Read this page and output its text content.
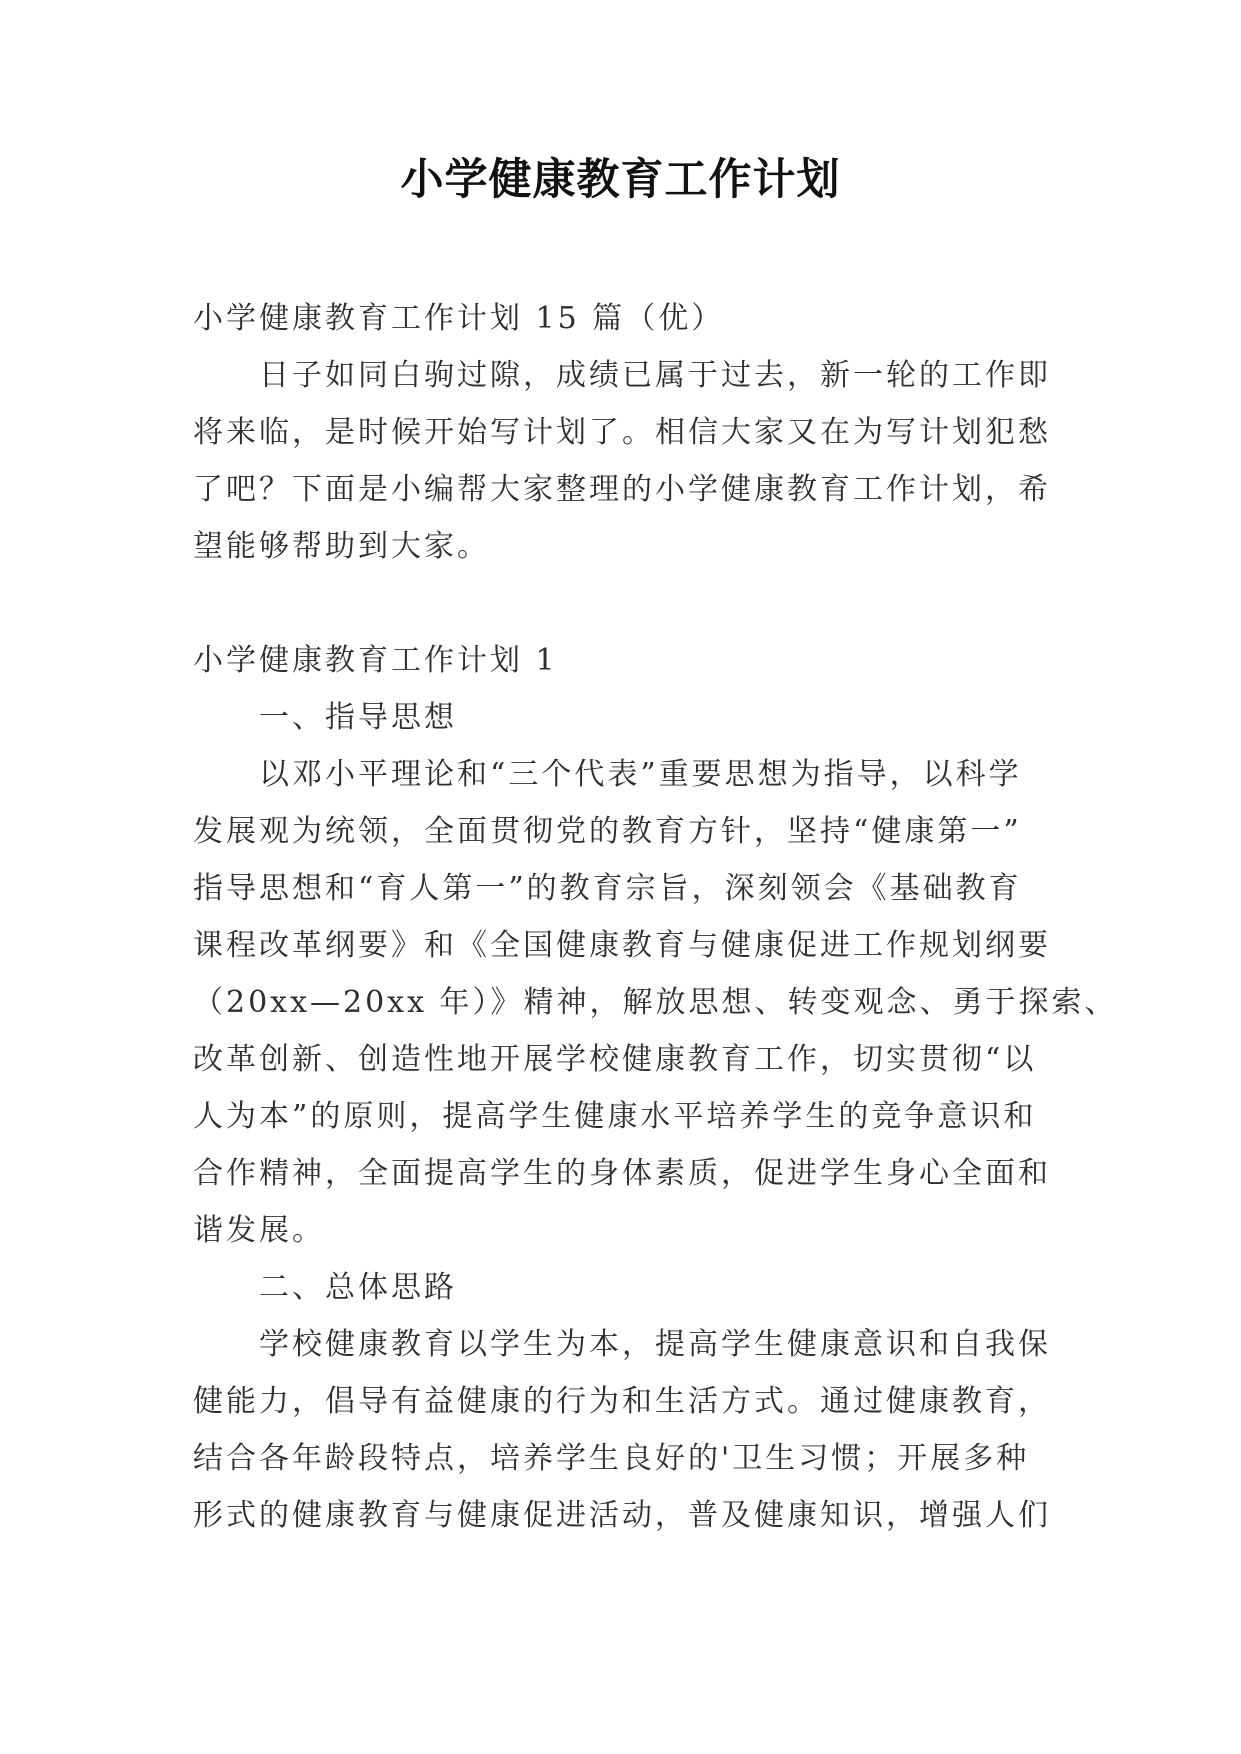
小学健康教育工作计划
小学健康教育工作计划 15 篇（优）
日子如同白驹过隙，成绩已属于过去，新一轮的工作即
将来临，是时候开始写计划了。相信大家又在为写计划犯愁
了吧？下面是小编帮大家整理的小学健康教育工作计划，希
望能够帮助到大家。
小学健康教育工作计划 1
一、指导思想
以邓小平理论和“三个代表”重要思想为指导，以科学
发展观为统领，全面贯彻党的教育方针，坚持“健康第一”
指导思想和“育人第一”的教育宗旨，深刻领会《基础教育
课程改革纲要》和《全国健康教育与健康促进工作规划纲要
（20xx—20xx 年）》精神，解放思想、转变观念、勇于探索、
改革创新、创造性地开展学校健康教育工作，切实贯彻“以
人为本”的原则，提高学生健康水平培养学生的竞争意识和
合作精神，全面提高学生的身体素质，促进学生身心全面和
谐发展。
二、总体思路
学校健康教育以学生为本，提高学生健康意识和自我保
健能力，倡导有益健康的行为和生活方式。通过健康教育，
结合各年龄段特点，培养学生良好的'卫生习惯；开展多种
形式的健康教育与健康促进活动，普及健康知识，增强人们
